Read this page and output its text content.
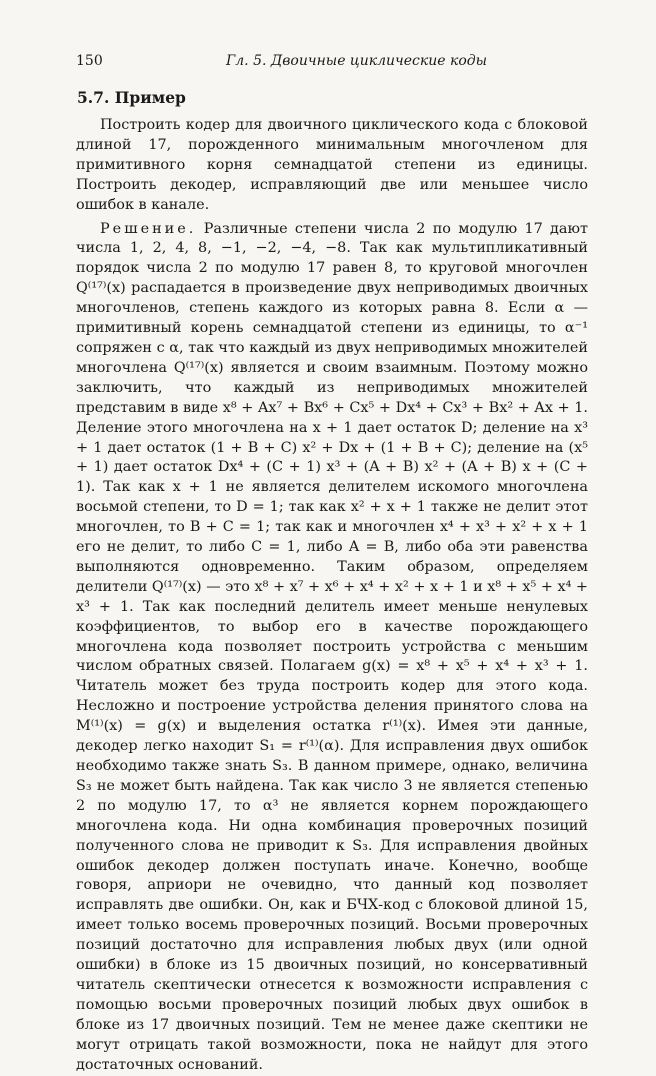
150	Гл. 5. Двоичные циклические коды
5.7. Пример

Построить кодер для двоичного циклического кода с блоковой длиной 17, порожденного минимальным многочленом для примитивного корня семнадцатой степени из единицы. Построить декодер, исправляющий две или меньшее число ошибок в канале.

Решение. Различные степени числа 2 по модулю 17 дают числа 1, 2, 4, 8, −1, −2, −4, −8. Так как мультипликативный порядок числа 2 по модулю 17 равен 8, то круговой многочлен Q⁽¹⁷⁾(x) распадается в произведение двух неприводимых двоичных многочленов, степень каждого из которых равна 8. Если α — примитивный корень семнадцатой степени из единицы, то α⁻¹ сопряжен с α, так что каждый из двух неприводимых множителей многочлена Q⁽¹⁷⁾(x) является и своим взаимным. Поэтому можно заключить, что каждый из неприводимых множителей представим в виде x⁸ + Ax⁷ + Bx⁶ + Cx⁵ + Dx⁴ + Cx³ + Bx² + Ax + 1. Деление этого многочлена на x + 1 дает остаток D; деление на x³ + 1 дает остаток (1 + B + C) x² + Dx + (1 + B + C); деление на (x⁵ + 1) дает остаток Dx⁴ + (C + 1) x³ + (A + B) x² + (A + B) x + (C + 1). Так как x + 1 не является делителем искомого многочлена восьмой степени, то D = 1; так как x² + x + 1 также не делит этот многочлен, то B + C = 1; так как и многочлен x⁴ + x³ + x² + x + 1 его не делит, то либо C = 1, либо A = B, либо оба эти равенства выполняются одновременно. Таким образом, определяем делители Q⁽¹⁷⁾(x) — это x⁸ + x⁷ + x⁶ + x⁴ + x² + x + 1 и x⁸ + x⁵ + x⁴ + x³ + 1. Так как последний делитель имеет меньше ненулевых коэффициентов, то выбор его в качестве порождающего многочлена кода позволяет построить устройства с меньшим числом обратных связей. Полагаем g(x) = x⁸ + x⁵ + x⁴ + x³ + 1. Читатель может без труда построить кодер для этого кода. Несложно и построение устройства деления принятого слова на M⁽¹⁾(x) = g(x) и выделения остатка r⁽¹⁾(x). Имея эти данные, декодер легко находит S₁ = r⁽¹⁾(α). Для исправления двух ошибок необходимо также знать S₃. В данном примере, однако, величина S₃ не может быть найдена. Так как число 3 не является степенью 2 по модулю 17, то α³ не является корнем порождающего многочлена кода. Ни одна комбинация проверочных позиций полученного слова не приводит к S₃. Для исправления двойных ошибок декодер должен поступать иначе. Конечно, вообще говоря, априори не очевидно, что данный код позволяет исправлять две ошибки. Он, как и БЧХ-код с блоковой длиной 15, имеет только восемь проверочных позиций. Восьми проверочных позиций достаточно для исправления любых двух (или одной ошибки) в блоке из 15 двоичных позиций, но консервативный читатель скептически отнесется к возможности исправления с помощью восьми проверочных позиций любых двух ошибок в блоке из 17 двоичных позиций. Тем не менее даже скептики не могут отрицать такой возможности, пока не найдут для этого достаточных оснований.
